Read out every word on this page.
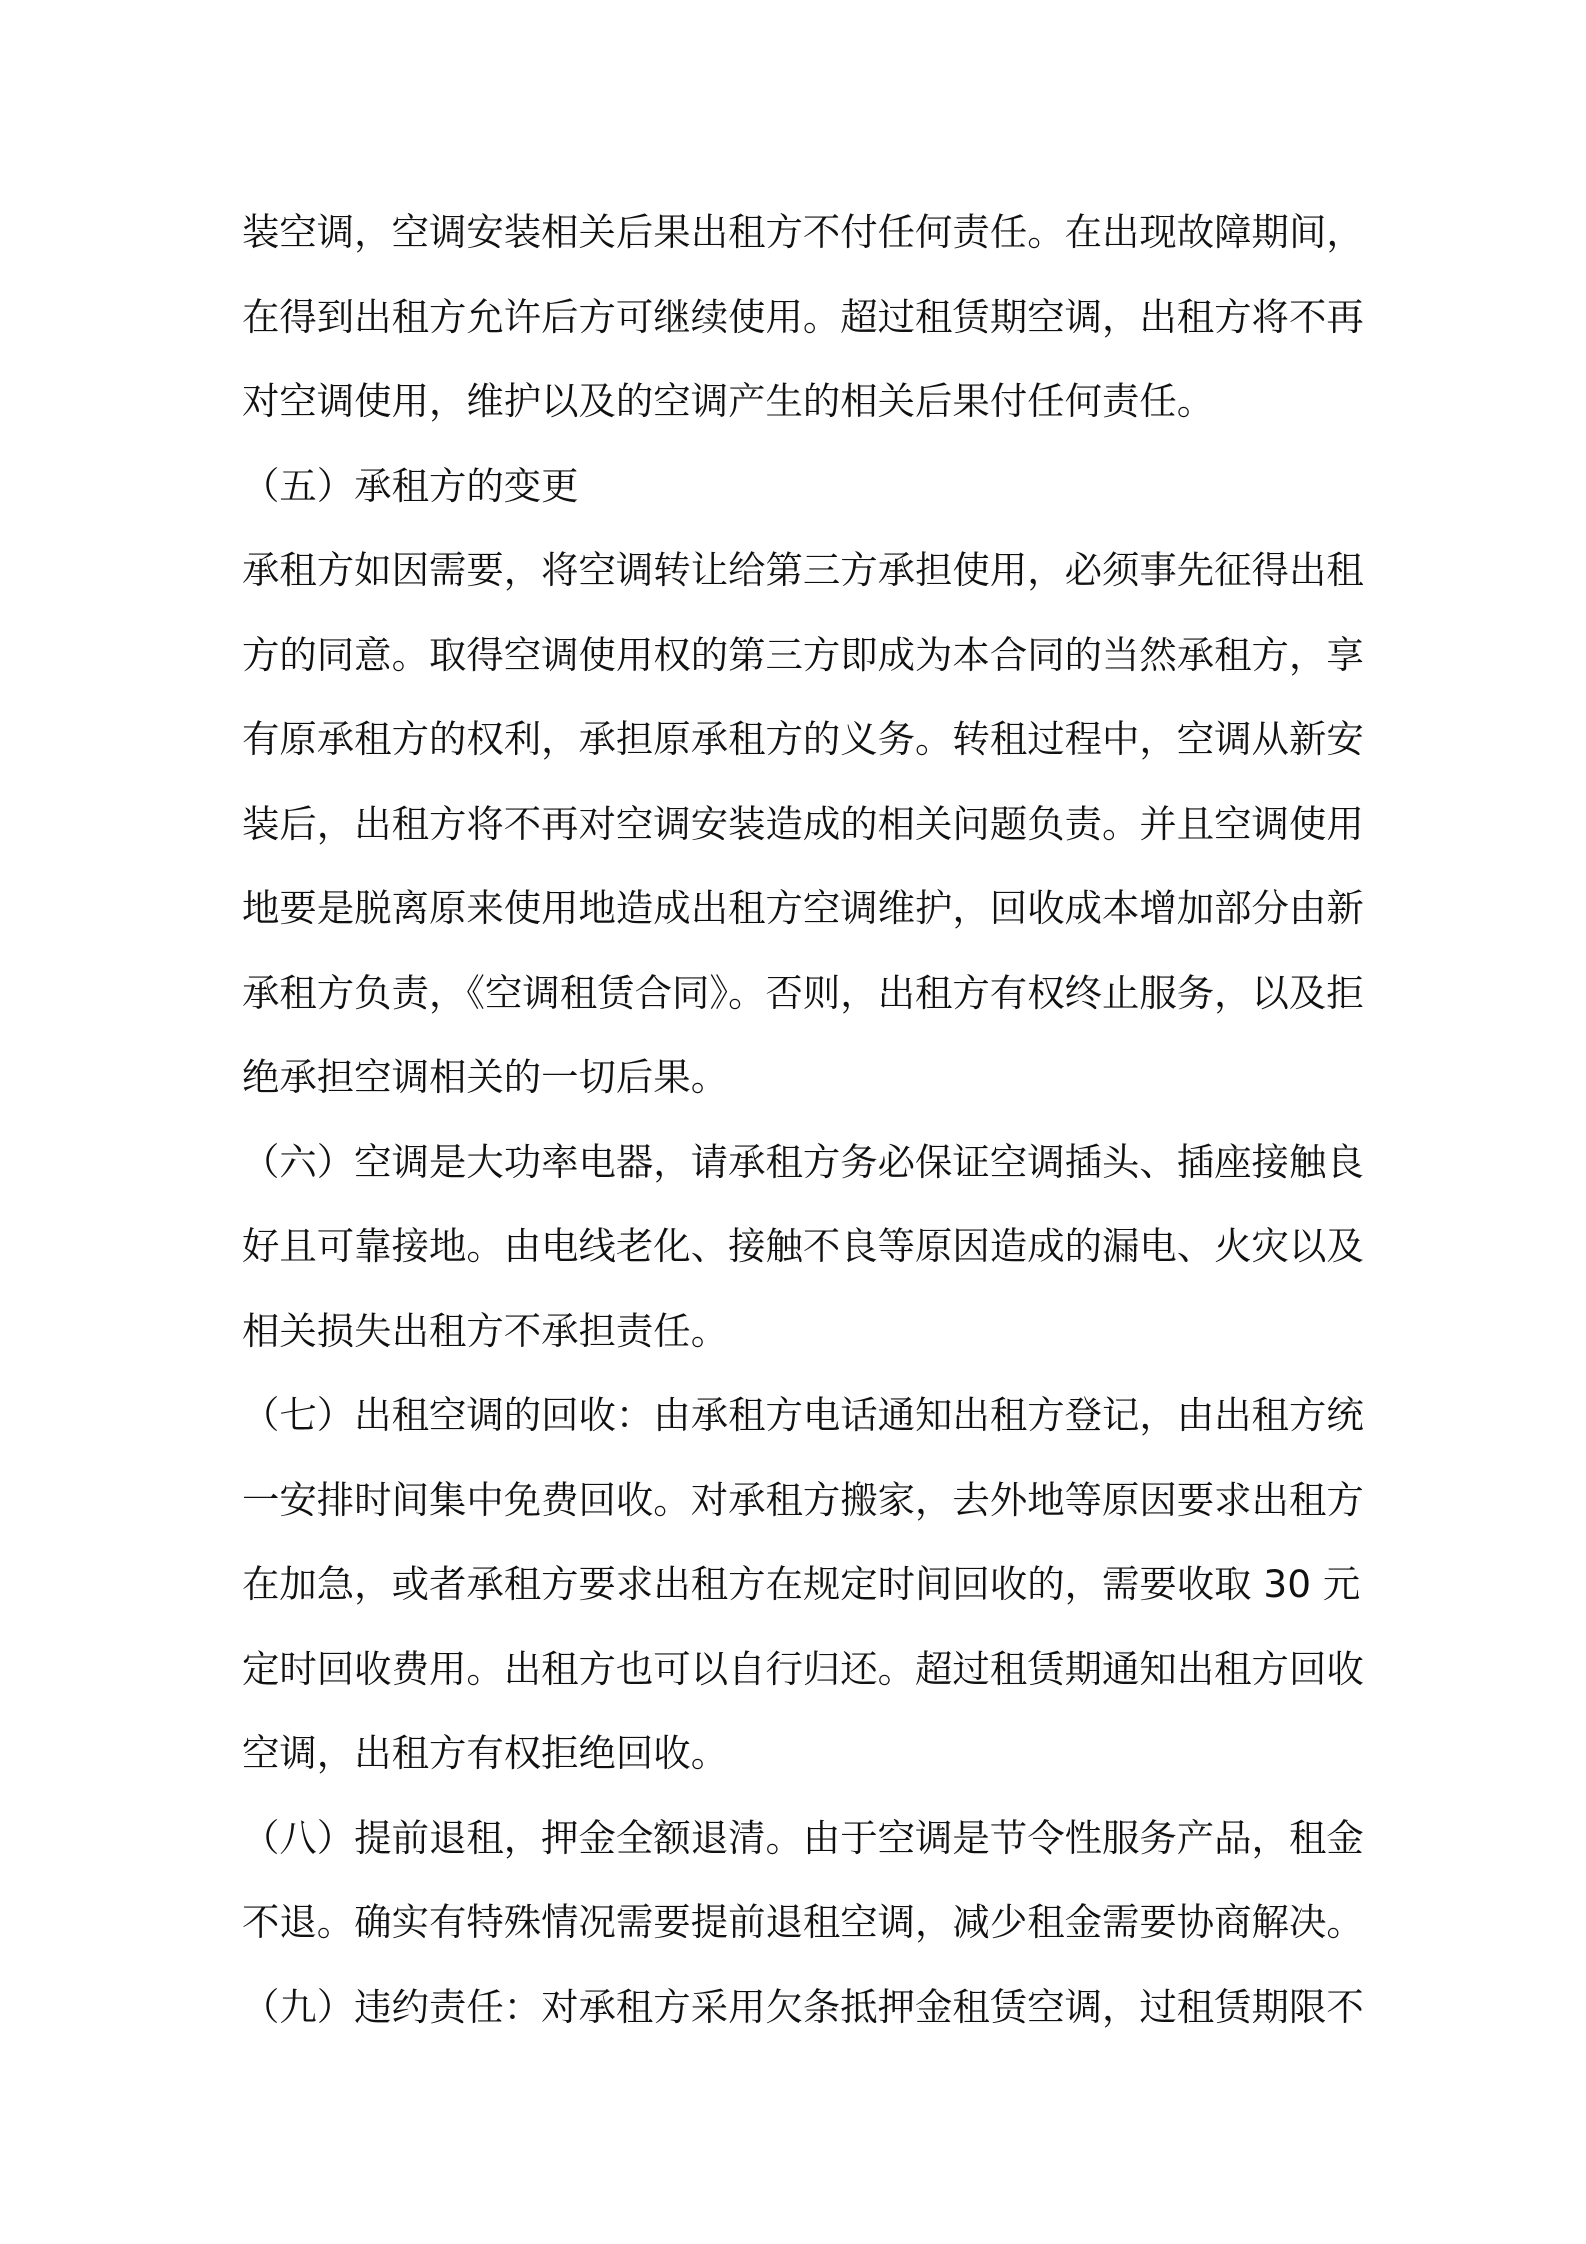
装空调，空调安装相关后果出租方不付任何责任。在出现故障期间，
在得到出租方允许后方可继续使用。超过租赁期空调，出租方将不再
对空调使用，维护以及的空调产生的相关后果付任何责任。
（五）承租方的变更
承租方如因需要，将空调转让给第三方承担使用，必须事先征得出租
方的同意。取得空调使用权的第三方即成为本合同的当然承租方，享
有原承租方的权利，承担原承租方的义务。转租过程中，空调从新安
装后，出租方将不再对空调安装造成的相关问题负责。并且空调使用
地要是脱离原来使用地造成出租方空调维护，回收成本增加部分由新
承租方负责，《空调租赁合同》。否则，出租方有权终止服务，以及拒
绝承担空调相关的一切后果。
（六）空调是大功率电器，请承租方务必保证空调插头、插座接触良
好且可靠接地。由电线老化、接触不良等原因造成的漏电、火灾以及
相关损失出租方不承担责任。
（七）出租空调的回收：由承租方电话通知出租方登记，由出租方统
一安排时间集中免费回收。对承租方搬家，去外地等原因要求出租方
在加急，或者承租方要求出租方在规定时间回收的，需要收取 30 元
定时回收费用。出租方也可以自行归还。超过租赁期通知出租方回收
空调，出租方有权拒绝回收。
（八）提前退租，押金全额退清。由于空调是节令性服务产品，租金
不退。确实有特殊情况需要提前退租空调，减少租金需要协商解决。
（九）违约责任：对承租方采用欠条抵押金租赁空调，过租赁期限不
